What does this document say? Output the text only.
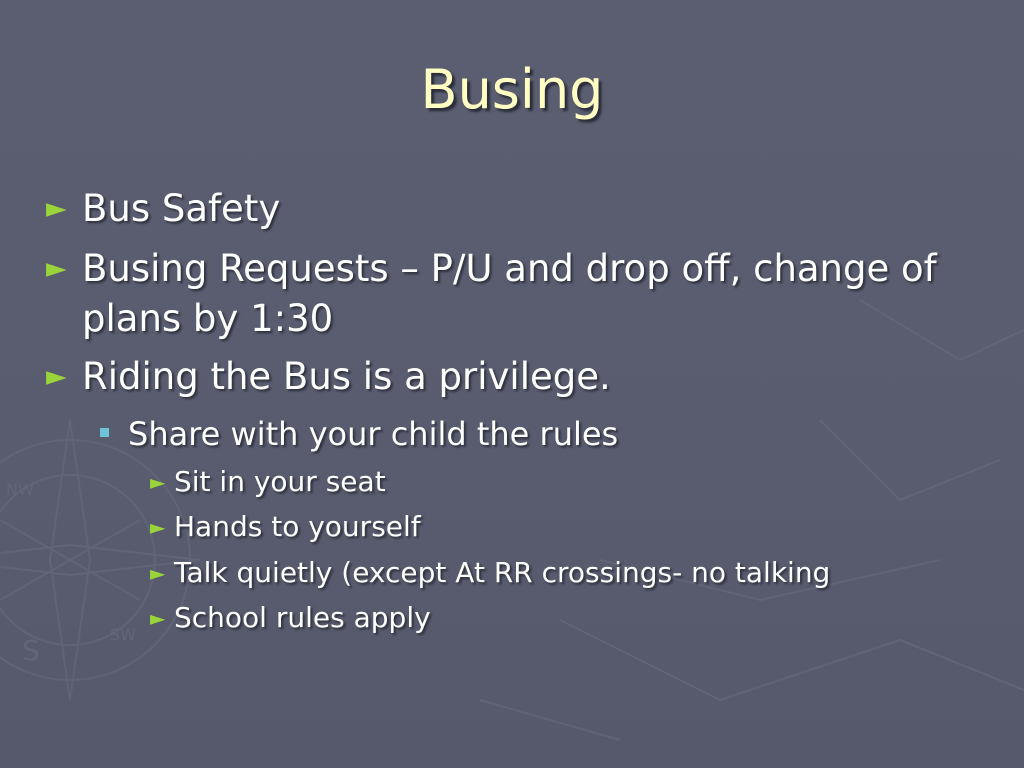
S	SW
NW
Busing
► Bus Safety
► Busing Requests – P/U and drop off, change of plans by 1:30
► Riding the Bus is a privilege.
Share with your child the rules
► Sit in your seat
► Hands to yourself
► Talk quietly (except At RR crossings- no talking
► School rules apply
